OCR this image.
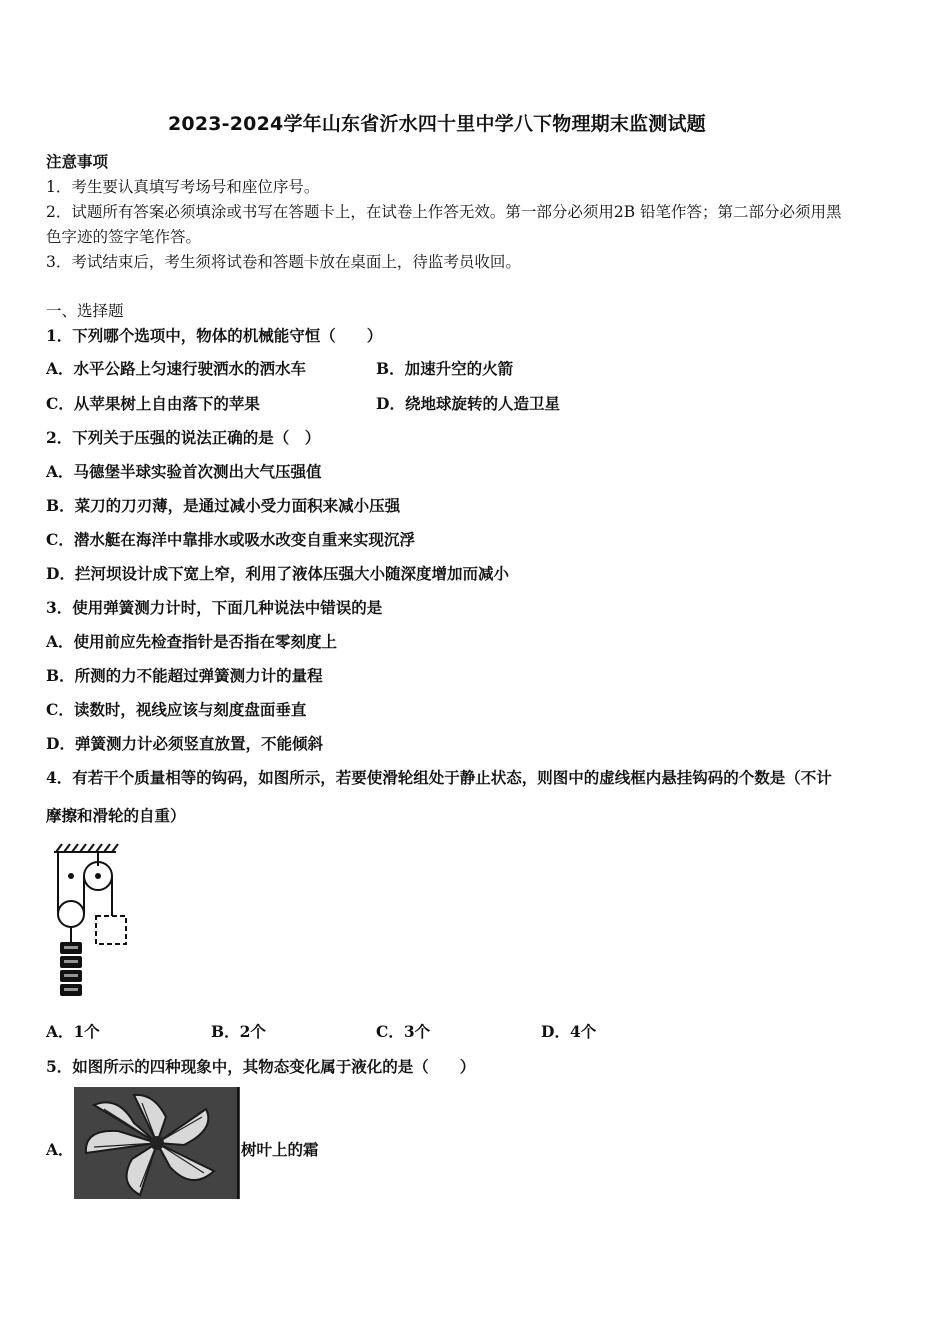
2023-2024学年山东省沂水四十里中学八下物理期末监测试题
注意事项
1．考生要认真填写考场号和座位序号。
2．试题所有答案必须填涂或书写在答题卡上，在试卷上作答无效。第一部分必须用2B 铅笔作答；第二部分必须用黑
色字迹的签字笔作答。
3．考试结束后，考生须将试卷和答题卡放在桌面上，待监考员收回。
一、选择题
1．下列哪个选项中，物体的机械能守恒（　　）
A．水平公路上匀速行驶洒水的洒水车	B．加速升空的火箭
C．从苹果树上自由落下的苹果	D．绕地球旋转的人造卫星
2．下列关于压强的说法正确的是（　）
A．马德堡半球实验首次测出大气压强值
B．菜刀的刀刃薄，是通过减小受力面积来减小压强
C．潜水艇在海洋中靠排水或吸水改变自重来实现沉浮
D．拦河坝设计成下宽上窄，利用了液体压强大小随深度增加而减小
3．使用弹簧测力计时，下面几种说法中错误的是
A．使用前应先检查指针是否指在零刻度上
B．所测的力不能超过弹簧测力计的量程
C．读数时，视线应该与刻度盘面垂直
D．弹簧测力计必须竖直放置，不能倾斜
4．有若干个质量相等的钩码，如图所示，若要使滑轮组处于静止状态，则图中的虚线框内悬挂钩码的个数是（不计
摩擦和滑轮的自重）
A．1个	B．2个	C．3个	D．4个
5．如图所示的四种现象中，其物态变化属于液化的是（　　）
A．	树叶上的霜
